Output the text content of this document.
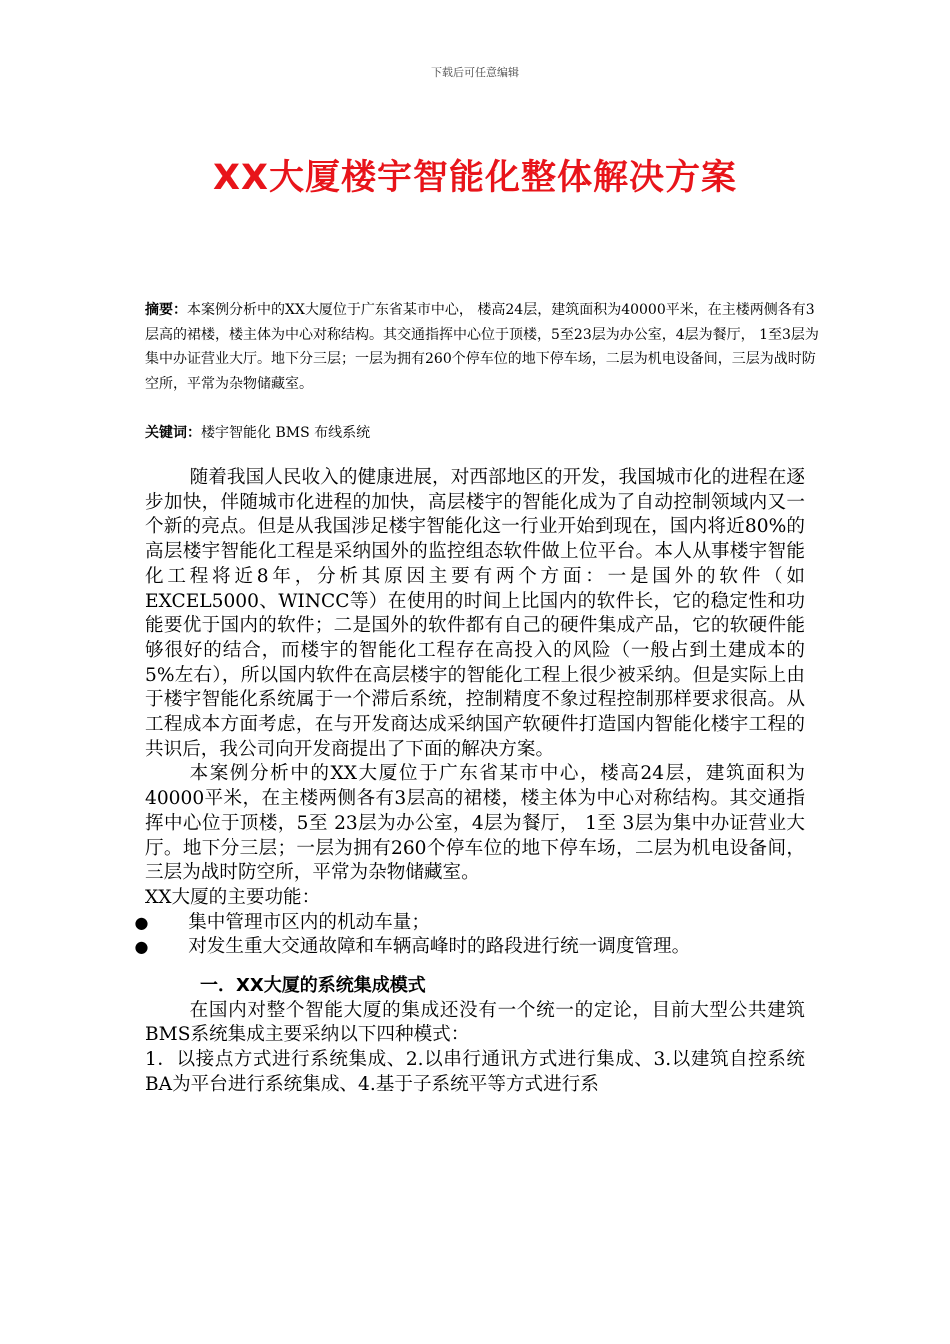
下载后可任意编辑
XX大厦楼宇智能化整体解决方案
摘要：本案例分析中的XX大厦位于广东省某市中心， 楼高24层，建筑面积为40000平米，在主楼两侧各有3层高的裙楼，楼主体为中心对称结构。其交通指挥中心位于顶楼，5至23层为办公室，4层为餐厅， 1至3层为集中办证营业大厅。地下分三层；一层为拥有260个停车位的地下停车场，二层为机电设备间，三层为战时防空所，平常为杂物储藏室。
关键词：楼宇智能化 BMS 布线系统

随着我国人民收入的健康进展，对西部地区的开发，我国城市化的进程在逐步加快，伴随城市化进程的加快，高层楼宇的智能化成为了自动控制领域内又一个新的亮点。但是从我国涉足楼宇智能化这一行业开始到现在，国内将近80%的高层楼宇智能化工程是采纳国外的监控组态软件做上位平台。本人从事楼宇智能化工程将近8年，分析其原因主要有两个方面：一是国外的软件（如EXCEL5000、WINCC等）在使用的时间上比国内的软件长，它的稳定性和功能要优于国内的软件；二是国外的软件都有自己的硬件集成产品，它的软硬件能够很好的结合，而楼宇的智能化工程存在高投入的风险（一般占到土建成本的5%左右），所以国内软件在高层楼宇的智能化工程上很少被采纳。但是实际上由于楼宇智能化系统属于一个滞后系统，控制精度不象过程控制那样要求很高。从工程成本方面考虑，在与开发商达成采纳国产软硬件打造国内智能化楼宇工程的共识后，我公司向开发商提出了下面的解决方案。

本案例分析中的XX大厦位于广东省某市中心，楼高24层，建筑面积为40000平米，在主楼两侧各有3层高的裙楼，楼主体为中心对称结构。其交通指挥中心位于顶楼，5至 23层为办公室，4层为餐厅， 1至 3层为集中办证营业大厅。地下分三层；一层为拥有260个停车位的地下停车场，二层为机电设备间，三层为战时防空所，平常为杂物储藏室。

XX大厦的主要功能：
● 集中管理市区内的机动车量；
● 对发生重大交通故障和车辆高峰时的路段进行统一调度管理。
一．XX大厦的系统集成模式

在国内对整个智能大厦的集成还没有一个统一的定论，目前大型公共建筑BMS系统集成主要采纳以下四种模式：

1．以接点方式进行系统集成、2.以串行通讯方式进行集成、3.以建筑自控系统BA为平台进行系统集成、4.基于子系统平等方式进行系
